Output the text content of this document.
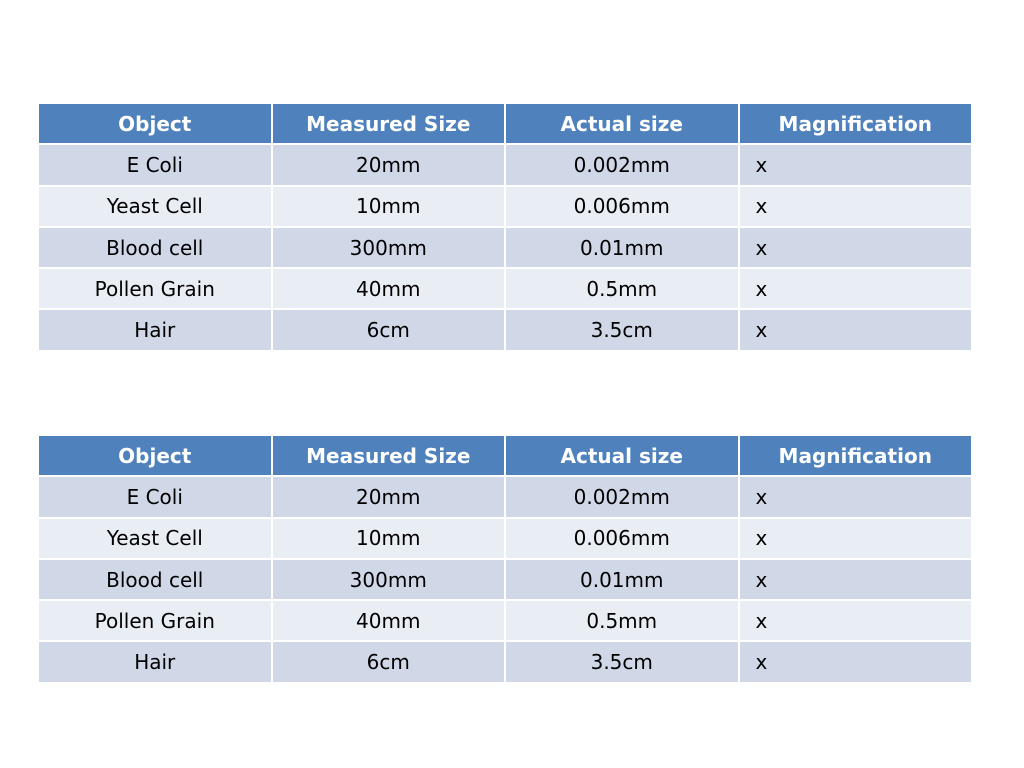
Object	Measured Size	Actual size	Magnification
E Coli	20mm	0.002mm	x
Yeast Cell	10mm	0.006mm	x
Blood cell	300mm	0.01mm	x
Pollen Grain	40mm	0.5mm	x
Hair	6cm	3.5cm	x
Object	Measured Size	Actual size	Magnification
E Coli	20mm	0.002mm	x
Yeast Cell	10mm	0.006mm	x
Blood cell	300mm	0.01mm	x
Pollen Grain	40mm	0.5mm	x
Hair	6cm	3.5cm	x
